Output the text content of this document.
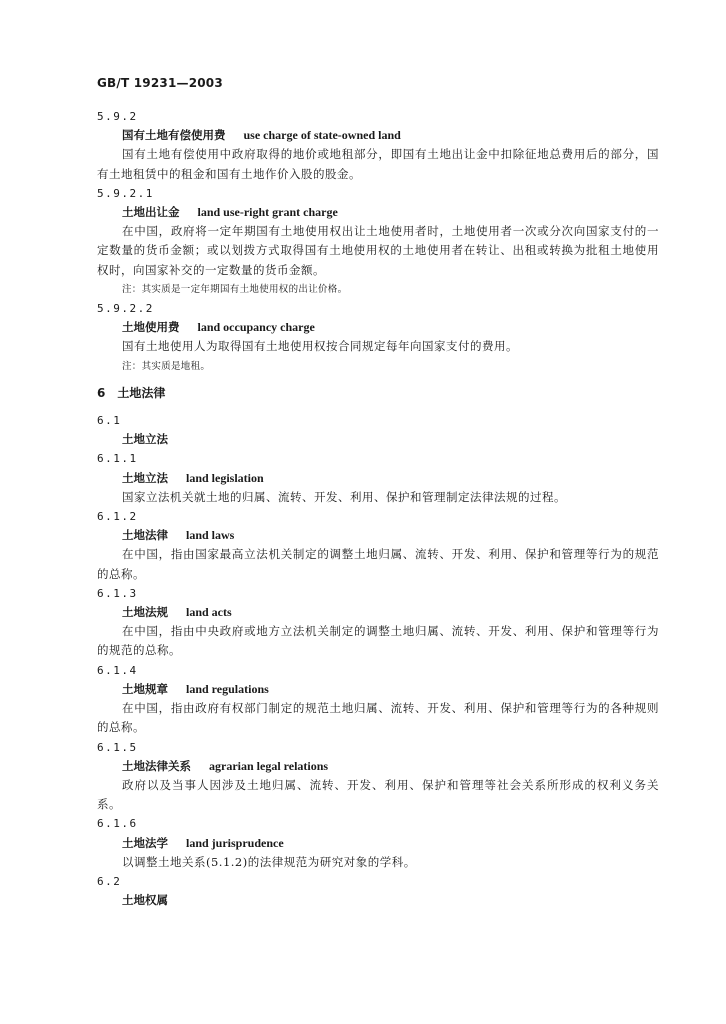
GB/T 19231—2003
5.9.2
国有土地有偿使用费 use charge of state-owned land
国有土地有偿使用中政府取得的地价或地租部分，即国有土地出让金中扣除征地总费用后的部分，国有土地租赁中的租金和国有土地作价入股的股金。
5.9.2.1
土地出让金 land use-right grant charge
在中国，政府将一定年期国有土地使用权出让土地使用者时，土地使用者一次或分次向国家支付的一定数量的货币金额；或以划拨方式取得国有土地使用权的土地使用者在转让、出租或转换为批租土地使用权时，向国家补交的一定数量的货币金额。
注：其实质是一定年期国有土地使用权的出让价格。
5.9.2.2
土地使用费 land occupancy charge
国有土地使用人为取得国有土地使用权按合同规定每年向国家支付的费用。
注：其实质是地租。
6 土地法律
6.1
土地立法
6.1.1
土地立法 land legislation
国家立法机关就土地的归属、流转、开发、利用、保护和管理制定法律法规的过程。
6.1.2
土地法律 land laws
在中国，指由国家最高立法机关制定的调整土地归属、流转、开发、利用、保护和管理等行为的规范的总称。
6.1.3
土地法规 land acts
在中国，指由中央政府或地方立法机关制定的调整土地归属、流转、开发、利用、保护和管理等行为的规范的总称。
6.1.4
土地规章 land regulations
在中国，指由政府有权部门制定的规范土地归属、流转、开发、利用、保护和管理等行为的各种规则的总称。
6.1.5
土地法律关系 agrarian legal relations
政府以及当事人因涉及土地归属、流转、开发、利用、保护和管理等社会关系所形成的权利义务关系。
6.1.6
土地法学 land jurisprudence
以调整土地关系(5.1.2)的法律规范为研究对象的学科。
6.2
土地权属
